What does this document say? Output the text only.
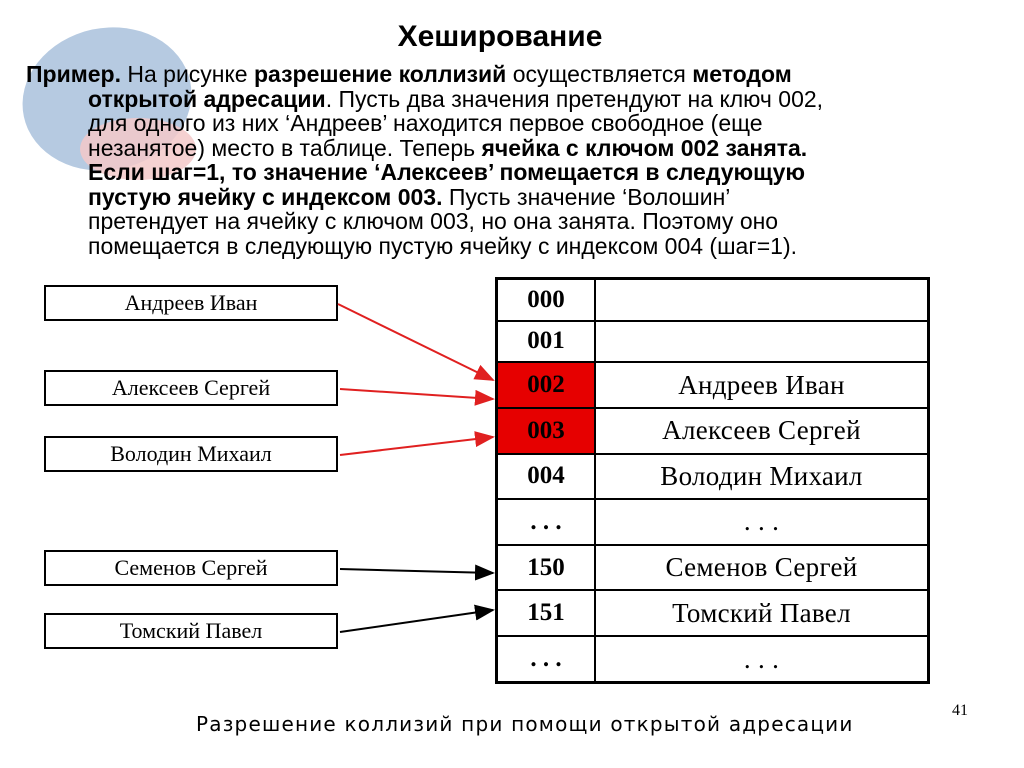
Хеширование
Пример. На рисунке разрешение коллизий осуществляется методом
открытой адресации. Пусть два значения претендуют на ключ 002,
для одного из них ‘Андреев’ находится первое свободное (еще
незанятое) место в таблице. Теперь ячейка с ключом 002 занята.
Если шаг=1, то значение ‘Алексеев’ помещается в следующую
пустую ячейку с индексом 003. Пусть значение ‘Волошин’
претендует на ячейку с ключом 003, но она занята. Поэтому оно
помещается в следующую пустую ячейку с индексом 004 (шаг=1).
Андреев Иван
Алексеев Сергей
Володин Михаил
Семенов Сергей
Томский Павел
000	
001	
002	Андреев Иван
003	Алексеев Сергей
004	Володин Михаил
. . .	. . .
150	Семенов Сергей
151	Томский Павел
. . .	. . .
Разрешение коллизий при помощи открытой адресации
41
